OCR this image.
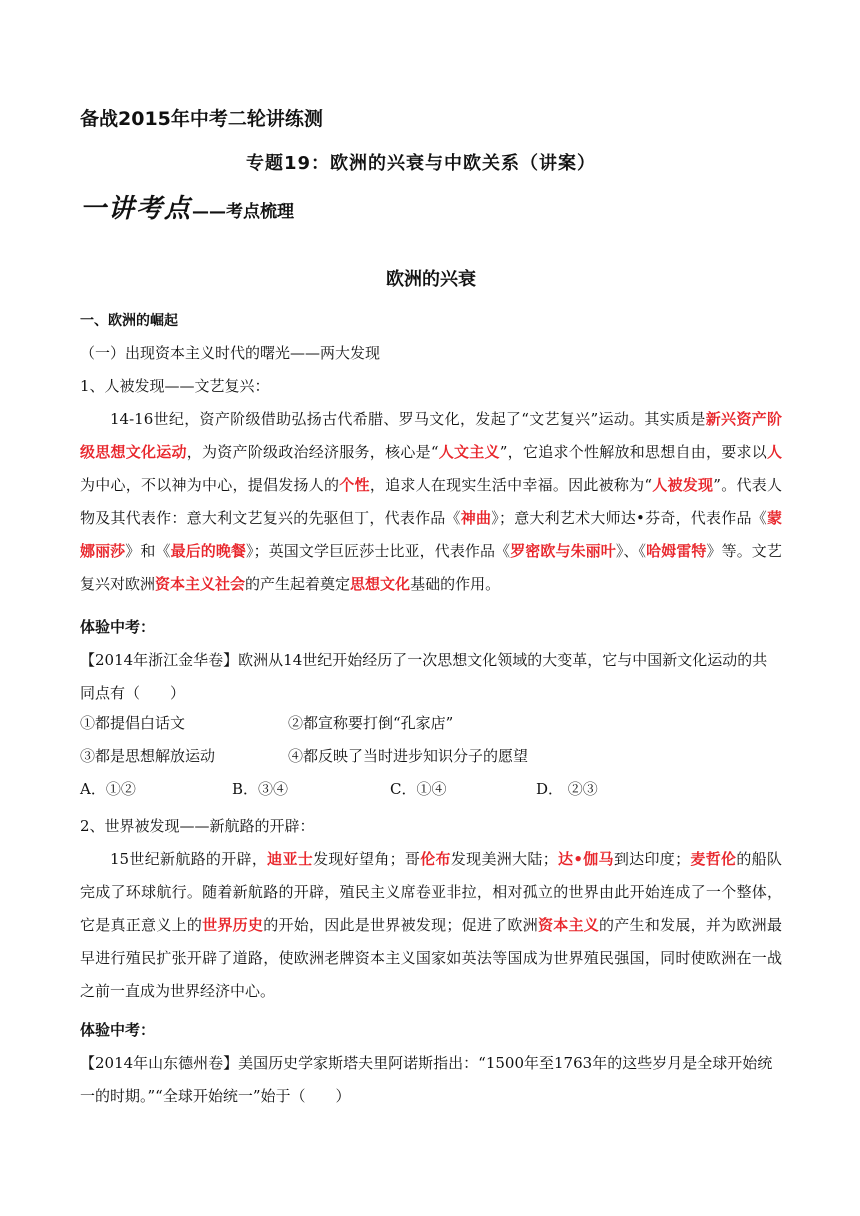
备战2015年中考二轮讲练测
专题19：欧洲的兴衰与中欧关系（讲案）
一讲考点——考点梳理
欧洲的兴衰
一、欧洲的崛起
（一）出现资本主义时代的曙光——两大发现
1、人被发现——文艺复兴：
14-16世纪，资产阶级借助弘扬古代希腊、罗马文化，发起了“文艺复兴”运动。其实质是新兴资产阶级思想文化运动，为资产阶级政治经济服务，核心是“人文主义”，它追求个性解放和思想自由，要求以人为中心，不以神为中心，提倡发扬人的个性，追求人在现实生活中幸福。因此被称为“人被发现”。代表人物及其代表作：意大利文艺复兴的先驱但丁，代表作品《神曲》；意大利艺术大师达•芬奇，代表作品《蒙娜丽莎》和《最后的晚餐》；英国文学巨匠莎士比亚，代表作品《罗密欧与朱丽叶》、《哈姆雷特》等。文艺复兴对欧洲资本主义社会的产生起着奠定思想文化基础的作用。
体验中考：
【2014年浙江金华卷】欧洲从14世纪开始经历了一次思想文化领域的大变革，它与中国新文化运动的共同点有（　　）
①都提倡白话文	②都宣称要打倒“孔家店”
③都是思想解放运动	④都反映了当时进步知识分子的愿望
A．①②	B．③④	C．①④	D． ②③
2、世界被发现——新航路的开辟：
15世纪新航路的开辟，迪亚士发现好望角；哥伦布发现美洲大陆；达•伽马到达印度；麦哲伦的船队完成了环球航行。随着新航路的开辟，殖民主义席卷亚非拉，相对孤立的世界由此开始连成了一个整体，它是真正意义上的世界历史的开始，因此是世界被发现；促进了欧洲资本主义的产生和发展，并为欧洲最早进行殖民扩张开辟了道路，使欧洲老牌资本主义国家如英法等国成为世界殖民强国，同时使欧洲在一战之前一直成为世界经济中心。
体验中考：
【2014年山东德州卷】美国历史学家斯塔夫里阿诺斯指出：“1500年至1763年的这些岁月是全球开始统一的时期。”“全球开始统一”始于（　　）
